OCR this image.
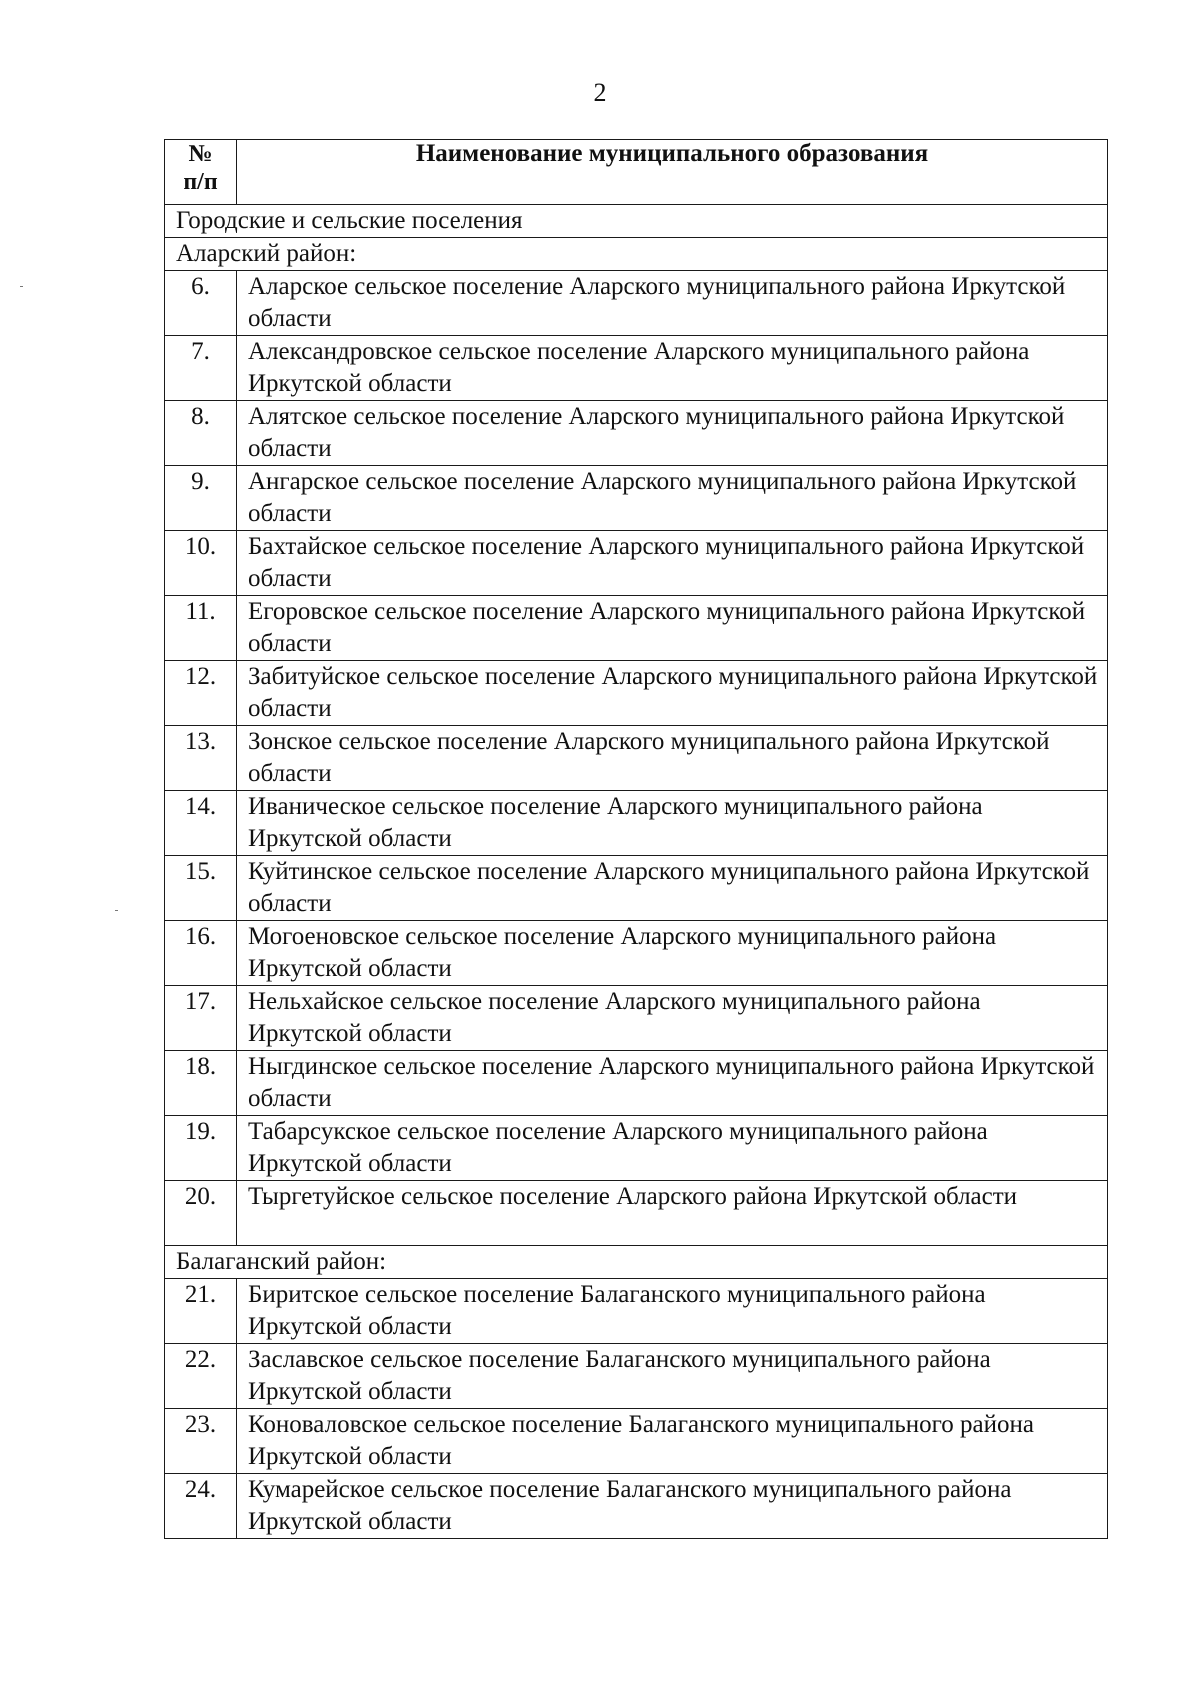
2
№
п/п	Наименование муниципального образования
Городские и сельские поселения	
Аларский район:	
6.	Аларское сельское поселение Аларского муниципального района Иркутской области
7.	Александровское сельское поселение Аларского муниципального района Иркутской области
8.	Алятское сельское поселение Аларского муниципального района Иркутской области
9.	Ангарское сельское поселение Аларского муниципального района Иркутской области
10.	Бахтайское сельское поселение Аларского муниципального района Иркутской области
11.	Егоровское сельское поселение Аларского муниципального района Иркутской области
12.	Забитуйское сельское поселение Аларского муниципального района Иркутской области
13.	Зонское сельское поселение Аларского муниципального района Иркутской области
14.	Иваническое сельское поселение Аларского муниципального района Иркутской области
15.	Куйтинское сельское поселение Аларского муниципального района Иркутской области
16.	Могоеновское сельское поселение Аларского муниципального района Иркутской области
17.	Нельхайское сельское поселение Аларского муниципального района Иркутской области
18.	Ныгдинское сельское поселение Аларского муниципального района Иркутской области
19.	Табарсукское сельское поселение Аларского муниципального района Иркутской области
20.	Тыргетуйское сельское поселение Аларского района Иркутской области
Балаганский район:	
21.	Биритское сельское поселение Балаганского муниципального района Иркутской области
22.	Заславское сельское поселение Балаганского муниципального района Иркутской области
23.	Коноваловское сельское поселение Балаганского муниципального района Иркутской области
24.	Кумарейское сельское поселение Балаганского муниципального района Иркутской области
